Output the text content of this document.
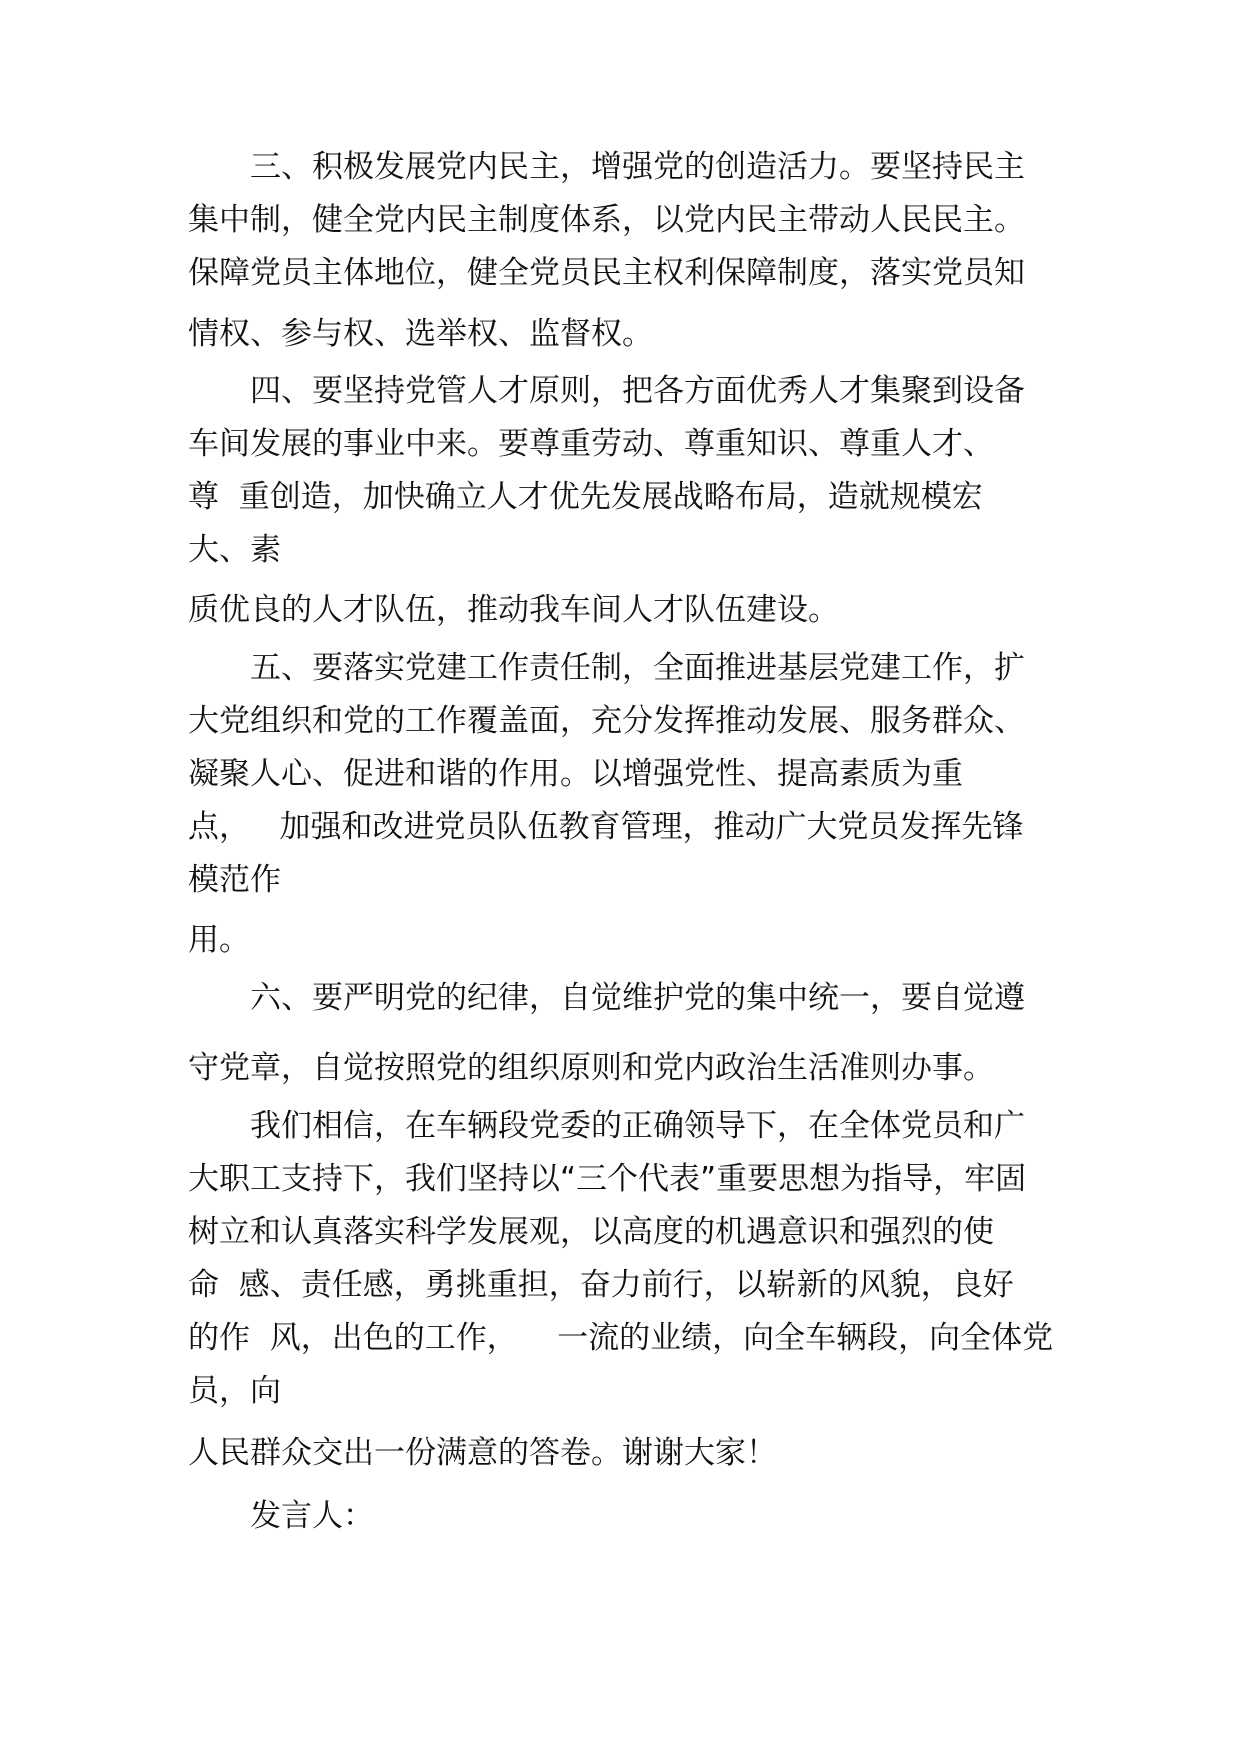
　　三、积极发展党内民主，增强党的创造活力。要坚持民主
集中制，健全党内民主制度体系，以党内民主带动人民民主。
保障党员主体地位，健全党员民主权利保障制度，落实党员知
情权、参与权、选举权、监督权。
　　四、要坚持党管人才原则，把各方面优秀人才集聚到设备
车间发展的事业中来。要尊重劳动、尊重知识、尊重人才、
尊  重创造，加快确立人才优先发展战略布局，造就规模宏
大、素
质优良的人才队伍，推动我车间人才队伍建设。
　　五、要落实党建工作责任制，全面推进基层党建工作，扩
大党组织和党的工作覆盖面，充分发挥推动发展、服务群众、
凝聚人心、促进和谐的作用。以增强党性、提高素质为重
点，   加强和改进党员队伍教育管理，推动广大党员发挥先锋
模范作
用。
　　六、要严明党的纪律，自觉维护党的集中统一，要自觉遵
守党章，自觉按照党的组织原则和党内政治生活准则办事。
　　我们相信，在车辆段党委的正确领导下，在全体党员和广
大职工支持下，我们坚持以“三个代表”重要思想为指导，牢固
树立和认真落实科学发展观，以高度的机遇意识和强烈的使
命  感、责任感，勇挑重担，奋力前行，以崭新的风貌，良好
的作  风，出色的工作，    一流的业绩，向全车辆段，向全体党
员，向
人民群众交出一份满意的答卷。谢谢大家！
　　发言人：
